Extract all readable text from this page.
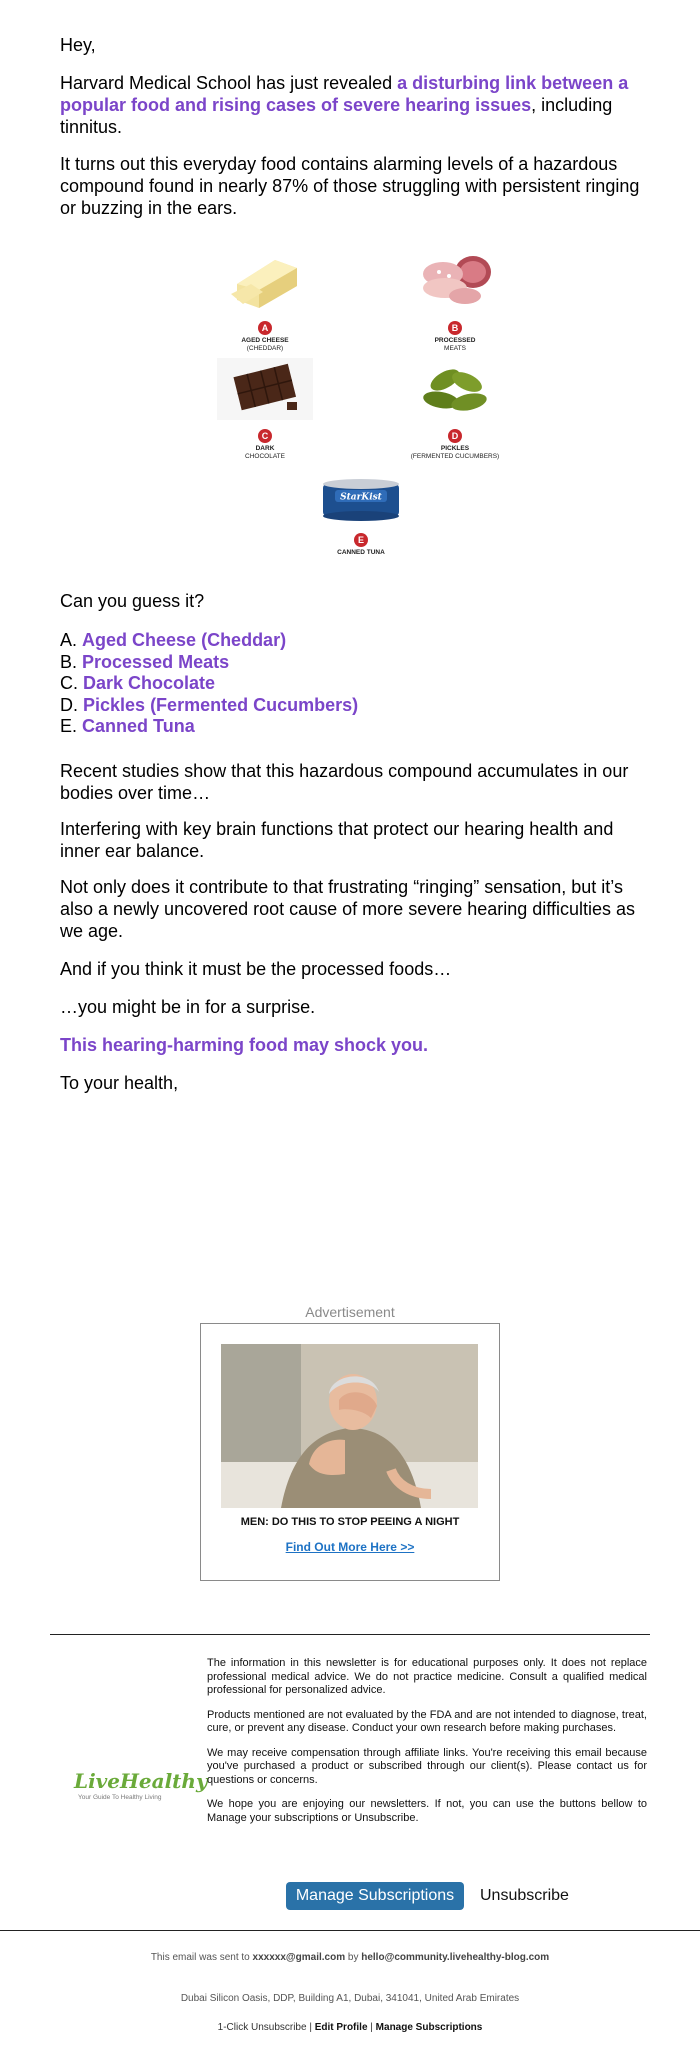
Hey,

Harvard Medical School has just revealed a disturbing link between a popular food and rising cases of severe hearing issues, including tinnitus.

It turns out this everyday food contains alarming levels of a hazardous compound found in nearly 87% of those struggling with persistent ringing or buzzing in the ears.

A
AGED CHEESE
(CHEDDAR)
B
PROCESSED
MEATS
C
DARK
CHOCOLATE
D
PICKLES
(FERMENTED CUCUMBERS)
StarKist
E
CANNED TUNA

Can you guess it?

A. Aged Cheese (Cheddar)
B. Processed Meats
C. Dark Chocolate
D. Pickles (Fermented Cucumbers)
E. Canned Tuna

Recent studies show that this hazardous compound accumulates in our bodies over time…

Interfering with key brain functions that protect our hearing health and inner ear balance.

Not only does it contribute to that frustrating “ringing” sensation, but it’s also a newly uncovered root cause of more severe hearing difficulties as we age.

And if you think it must be the processed foods…

…you might be in for a surprise.

This hearing-harming food may shock you.

To your health,

Advertisement
MEN: DO THIS TO STOP PEEING A NIGHT
Find Out More Here >>
LiveHealthy
Your Guide To Healthy Living

The information in this newsletter is for educational purposes only. It does not replace professional medical advice. We do not practice medicine. Consult a qualified medical professional for personalized advice.

Products mentioned are not evaluated by the FDA and are not intended to diagnose, treat, cure, or prevent any disease. Conduct your own research before making purchases.

We may receive compensation through affiliate links. You're receiving this email because you've purchased a product or subscribed through our client(s). Please contact us for questions or concerns.

We hope you are enjoying our newsletters. If not, you can use the buttons bellow to Manage your subscriptions or Unsubscribe.

Manage Subscriptions	Unsubscribe
This email was sent to xxxxxx@gmail.com by hello@community.livehealthy-blog.com
Dubai Silicon Oasis, DDP, Building A1, Dubai, 341041, United Arab Emirates
1-Click Unsubscribe | Edit Profile | Manage Subscriptions
